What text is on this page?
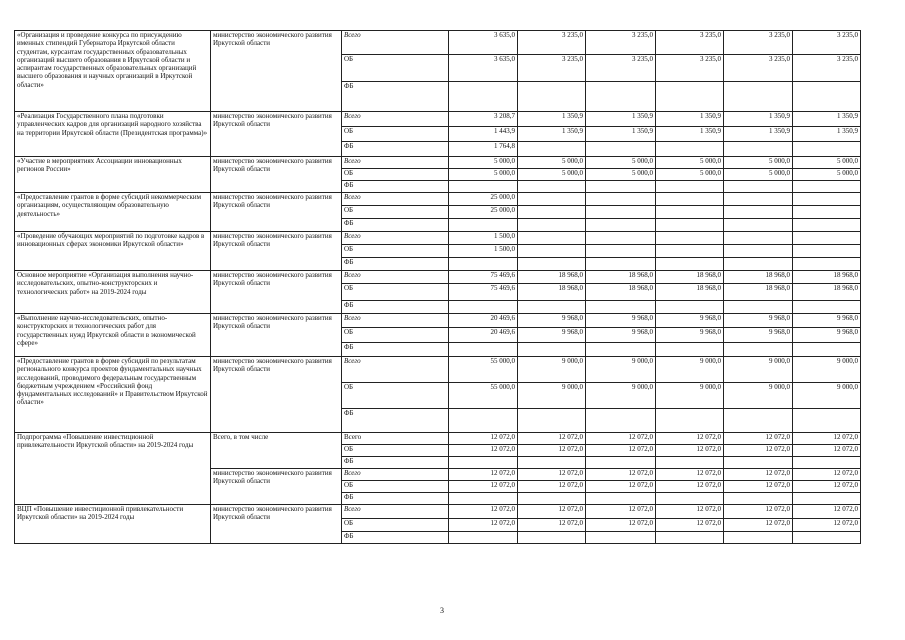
«Организация и проведение конкурса по присуждению именных стипендий Губернатора Иркутской области студентам, курсантам государственных образовательных организаций высшего образования в Иркутской области и аспирантам государственных образовательных организаций высшего образования и научных организаций в Иркутской области»	министерство экономического развития Иркутской области	Всего	3 635,0	3 235,0	3 235,0	3 235,0	3 235,0	3 235,0
		ОБ	3 635,0	3 235,0	3 235,0	3 235,0	3 235,0	3 235,0
		ФБ						
«Реализация Государственного плана подготовки управленческих кадров для организаций народного хозяйства на территории Иркутской области (Президентская программа)»	министерство экономического развития Иркутской области	Всего	3 208,7	1 350,9	1 350,9	1 350,9	1 350,9	1 350,9
		ОБ	1 443,9	1 350,9	1 350,9	1 350,9	1 350,9	1 350,9
		ФБ	1 764,8					
«Участие в мероприятиях Ассоциации инновационных регионов России»	министерство экономического развития Иркутской области	Всего	5 000,0	5 000,0	5 000,0	5 000,0	5 000,0	5 000,0
		ОБ	5 000,0	5 000,0	5 000,0	5 000,0	5 000,0	5 000,0
		ФБ						
«Предоставление грантов в форме субсидий некоммерческим организациям, осуществляющим образовательную деятельность»	министерство экономического развития Иркутской области	Всего	25 000,0					
		ОБ	25 000,0					
		ФБ						
«Проведение обучающих мероприятий по подготовке кадров в инновационных сферах экономики Иркутской области»	министерство экономического развития Иркутской области	Всего	1 500,0					
		ОБ	1 500,0					
		ФБ						
Основное мероприятие «Организация выполнения научно-исследовательских, опытно-конструкторских и технологических работ» на 2019-2024 годы	министерство экономического развития Иркутской области	Всего	75 469,6	18 968,0	18 968,0	18 968,0	18 968,0	18 968,0
		ОБ	75 469,6	18 968,0	18 968,0	18 968,0	18 968,0	18 968,0
		ФБ						
«Выполнение научно-исследовательских, опытно-конструкторских и технологических работ для государственных нужд Иркутской области в экономической сфере»	министерство экономического развития Иркутской области	Всего	20 469,6	9 968,0	9 968,0	9 968,0	9 968,0	9 968,0
		ОБ	20 469,6	9 968,0	9 968,0	9 968,0	9 968,0	9 968,0
		ФБ						
«Предоставление грантов в форме субсидий по результатам регионального конкурса проектов фундаментальных научных исследований, проводимого федеральным государственным бюджетным учреждением «Российский фонд фундаментальных исследований» и Правительством Иркутской области»	министерство экономического развития Иркутской области	Всего	55 000,0	9 000,0	9 000,0	9 000,0	9 000,0	9 000,0
		ОБ	55 000,0	9 000,0	9 000,0	9 000,0	9 000,0	9 000,0
		ФБ						
Подпрограмма «Повышение инвестиционной привлекательности Иркутской области» на 2019-2024 годы	Всего, в том числе	Всего	12 072,0	12 072,0	12 072,0	12 072,0	12 072,0	12 072,0
		ОБ	12 072,0	12 072,0	12 072,0	12 072,0	12 072,0	12 072,0
		ФБ						
	министерство экономического развития Иркутской области	Всего	12 072,0	12 072,0	12 072,0	12 072,0	12 072,0	12 072,0
		ОБ	12 072,0	12 072,0	12 072,0	12 072,0	12 072,0	12 072,0
		ФБ						
ВЦП «Повышение инвестиционной привлекательности Иркутской области» на 2019-2024 годы	министерство экономического развития Иркутской области	Всего	12 072,0	12 072,0	12 072,0	12 072,0	12 072,0	12 072,0
		ОБ	12 072,0	12 072,0	12 072,0	12 072,0	12 072,0	12 072,0
		ФБ						
3
